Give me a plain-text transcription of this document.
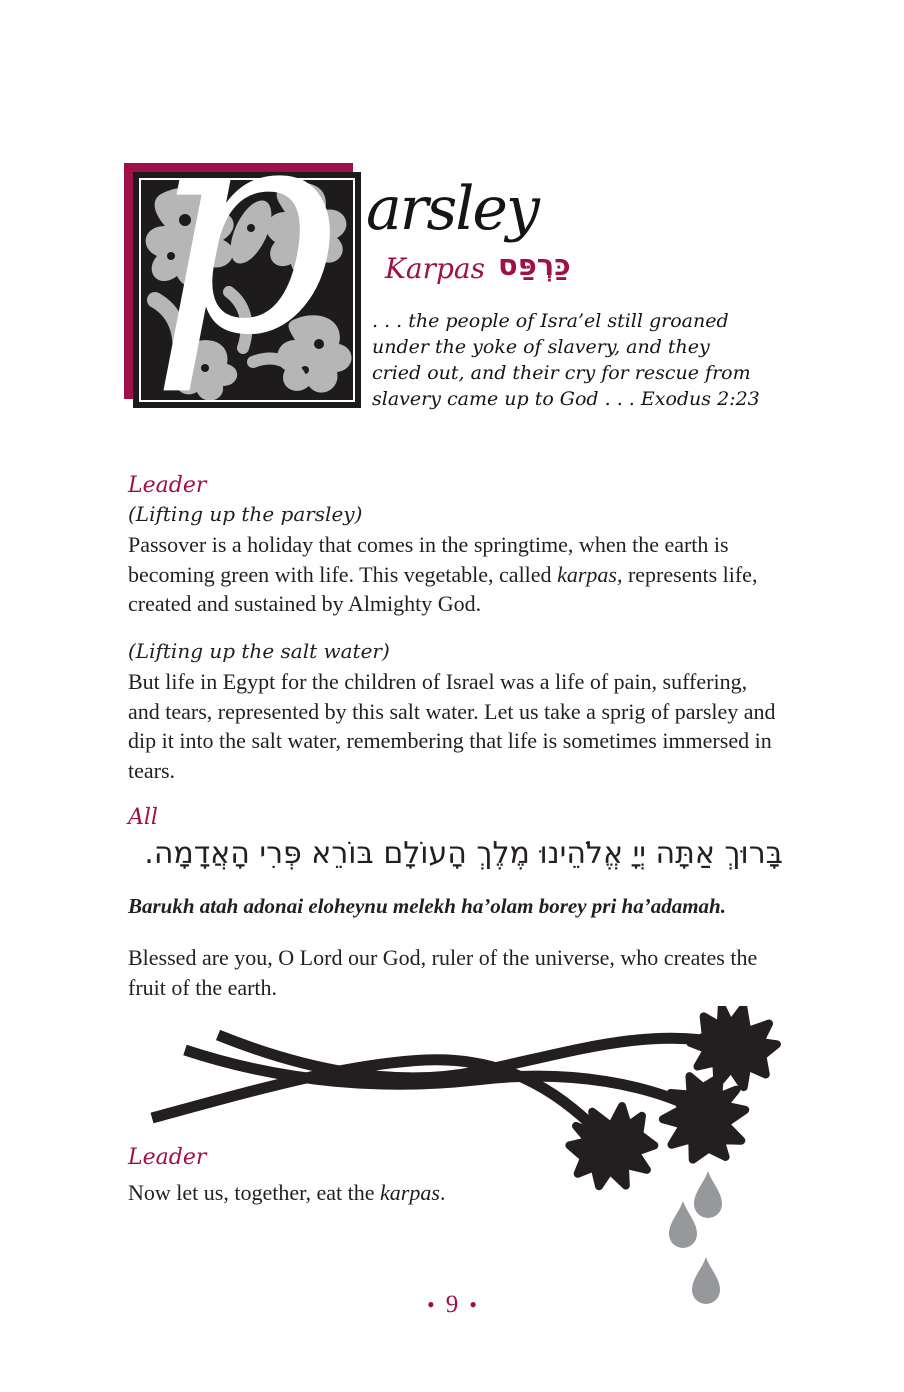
p arsley
Karpas כַּרְפַּס

. . . the people of Isra’el still groaned under the yoke of slavery, and they cried out, and their cry for rescue from slavery came up to God . . . Exodus 2:23

Leader
(Lifting up the parsley)

Passover is a holiday that comes in the springtime, when the earth is becoming green with life. This vegetable, called karpas, represents life, created and sustained by Almighty God.

(Lifting up the salt water)

But life in Egypt for the children of Israel was a life of pain, suffering, and tears, represented by this salt water. Let us take a sprig of parsley and dip it into the salt water, remembering that life is sometimes immersed in tears.

All
בָּרוּךְ אַתָּה יְיָ אֱלֹהֵינוּ מֶלֶךְ הָעוֹלָם בּוֹרֵא פְּרִי הָאֲדָמָה.

Barukh atah adonai eloheynu melekh ha’olam borey pri ha’adamah.

Blessed are you, O Lord our God, ruler of the universe, who creates the fruit of the earth.

Leader

Now let us, together, eat the karpas.

• 9 •
